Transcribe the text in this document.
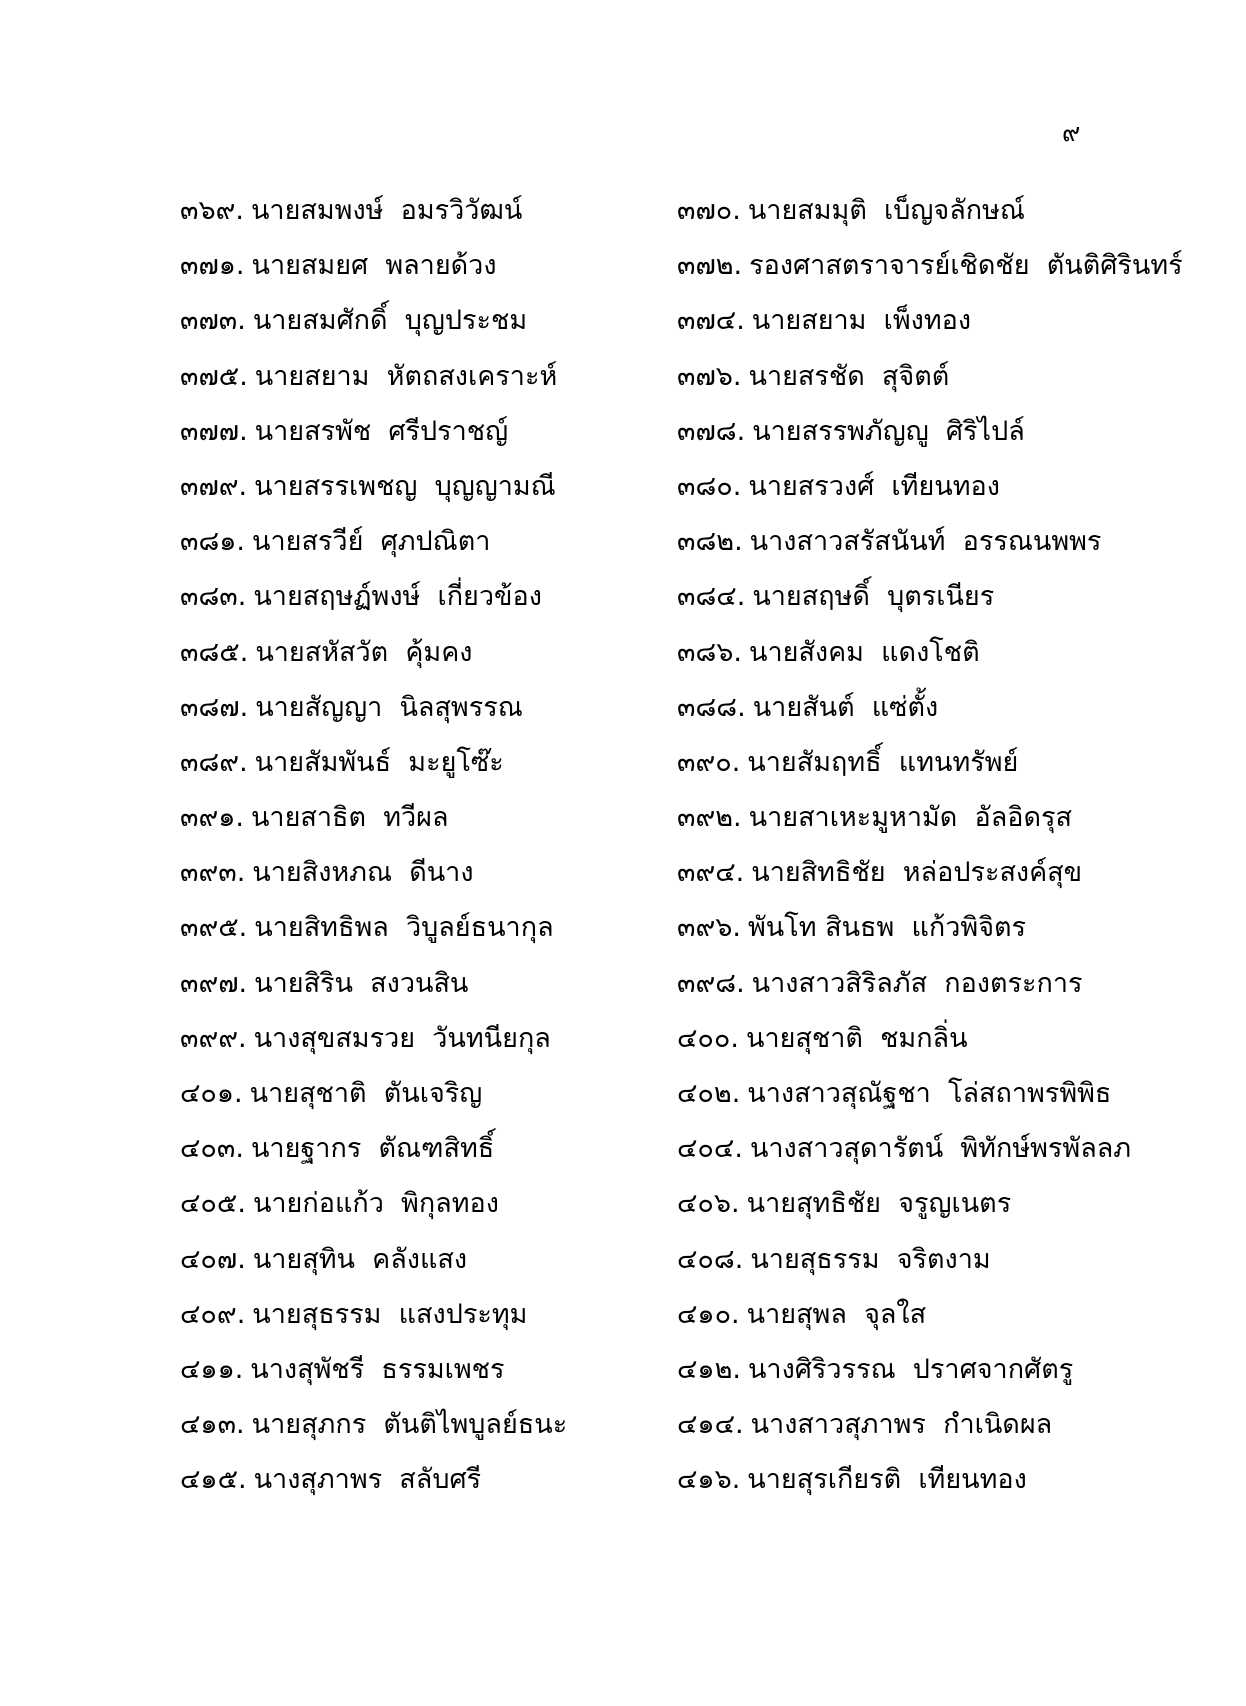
๙
๓๖๙. นายสมพงษ์  อมรวิวัฒน์	๓๗๐. นายสมมุติ  เบ็ญจลักษณ์
๓๗๑. นายสมยศ  พลายด้วง	๓๗๒. รองศาสตราจารย์เชิดชัย  ตันติศิรินทร์
๓๗๓. นายสมศักดิ์  บุญประชม	๓๗๔. นายสยาม  เพ็งทอง
๓๗๕. นายสยาม  หัตถสงเคราะห์	๓๗๖. นายสรชัด  สุจิตต์
๓๗๗. นายสรพัช  ศรีปราชญ์	๓๗๘. นายสรรพภัญญู  ศิริไปล์
๓๗๙. นายสรรเพชญ  บุญญามณี	๓๘๐. นายสรวงศ์  เทียนทอง
๓๘๑. นายสรวีย์  ศุภปณิตา	๓๘๒. นางสาวสรัสนันท์  อรรณนพพร
๓๘๓. นายสฤษฏ์พงษ์  เกี่ยวข้อง	๓๘๔. นายสฤษดิ์  บุตรเนียร
๓๘๕. นายสหัสวัต  คุ้มคง	๓๘๖. นายสังคม  แดงโชติ
๓๘๗. นายสัญญา  นิลสุพรรณ	๓๘๘. นายสันต์  แซ่ตั้ง
๓๘๙. นายสัมพันธ์  มะยูโซ๊ะ	๓๙๐. นายสัมฤทธิ์  แทนทรัพย์
๓๙๑. นายสาธิต  ทวีผล	๓๙๒. นายสาเหะมูหามัด  อัลอิดรุส
๓๙๓. นายสิงหภณ  ดีนาง	๓๙๔. นายสิทธิชัย  หล่อประสงค์สุข
๓๙๕. นายสิทธิพล  วิบูลย์ธนากุล	๓๙๖. พันโท สินธพ  แก้วพิจิตร
๓๙๗. นายสิริน  สงวนสิน	๓๙๘. นางสาวสิริลภัส  กองตระการ
๓๙๙. นางสุขสมรวย  วันทนียกุล	๔๐๐. นายสุชาติ  ชมกลิ่น
๔๐๑. นายสุชาติ  ตันเจริญ	๔๐๒. นางสาวสุณัฐชา  โล่สถาพรพิพิธ
๔๐๓. นายฐากร  ตัณฑสิทธิ์	๔๐๔. นางสาวสุดารัตน์  พิทักษ์พรพัลลภ
๔๐๕. นายก่อแก้ว  พิกุลทอง	๔๐๖. นายสุทธิชัย  จรูญเนตร
๔๐๗. นายสุทิน  คลังแสง	๔๐๘. นายสุธรรม  จริตงาม
๔๐๙. นายสุธรรม  แสงประทุม	๔๑๐. นายสุพล  จุลใส
๔๑๑. นางสุพัชรี  ธรรมเพชร	๔๑๒. นางศิริวรรณ  ปราศจากศัตรู
๔๑๓. นายสุภกร  ตันติไพบูลย์ธนะ	๔๑๔. นางสาวสุภาพร  กำเนิดผล
๔๑๕. นางสุภาพร  สลับศรี	๔๑๖. นายสุรเกียรติ  เทียนทอง
